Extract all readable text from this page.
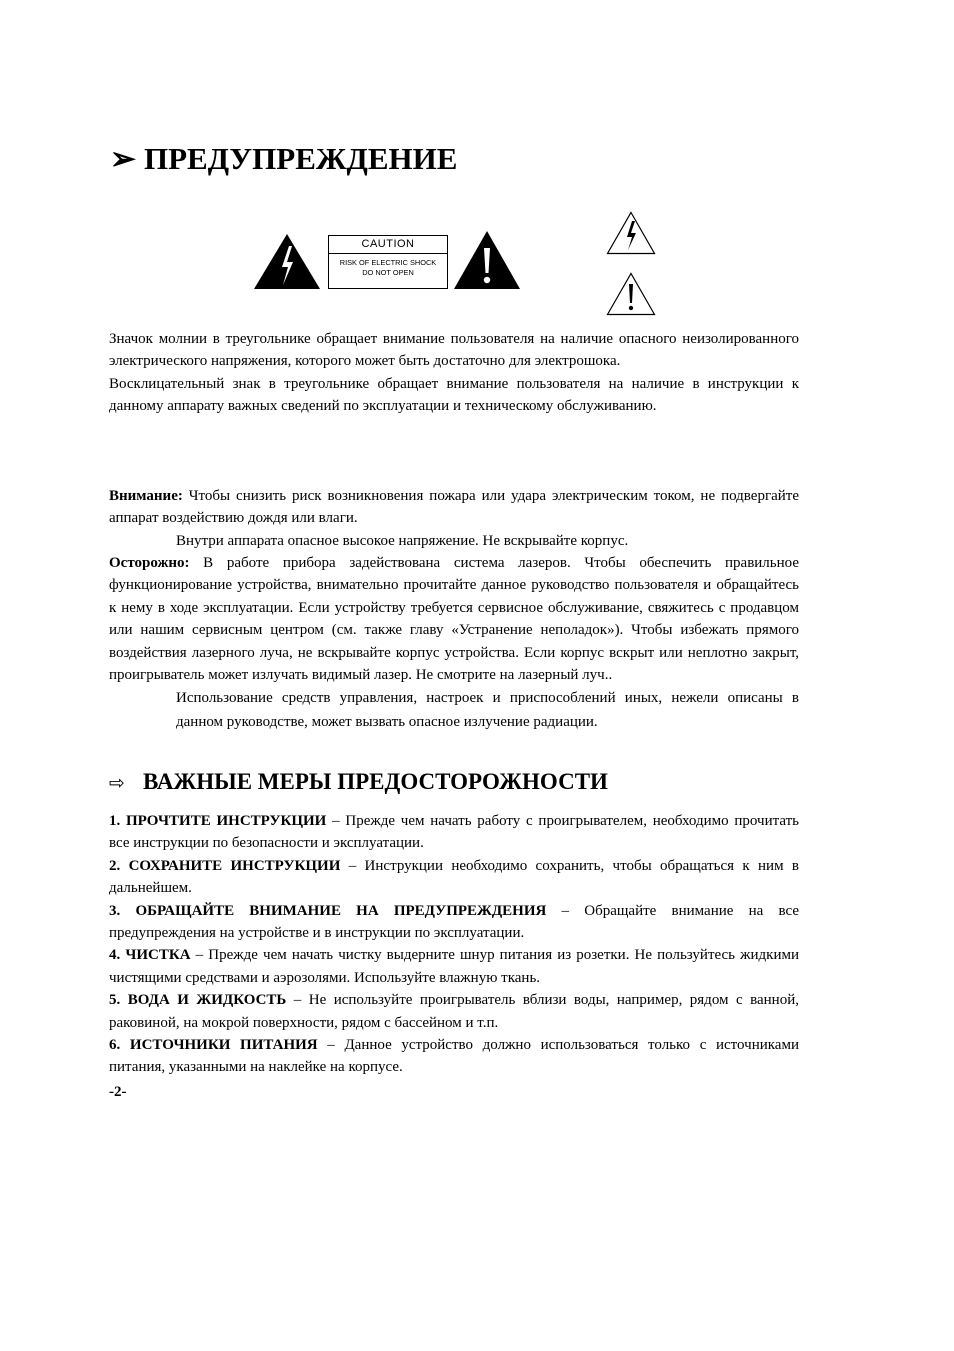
➢ ПРЕДУПРЕЖДЕНИЕ
CAUTION
RISK OF ELECTRIC SHOCK
DO NOT OPEN

Значок молнии в треугольнике обращает внимание пользователя на наличие опасного неизолированного электрического напряжения, которого может быть достаточно для электрошока.

Восклицательный знак в треугольнике обращает внимание пользователя на наличие в инструкции к данному аппарату важных сведений по эксплуатации и техническому обслуживанию.

Внимание: Чтобы снизить риск возникновения пожара или удара электрическим током, не подвергайте аппарат воздействию дождя или влаги.

Внутри аппарата опасное высокое напряжение. Не вскрывайте корпус.

Осторожно: В работе прибора задействована система лазеров. Чтобы обеспечить правильное функционирование устройства, внимательно прочитайте данное руководство пользователя и обращайтесь к нему в ходе эксплуатации. Если устройству требуется сервисное обслуживание, свяжитесь с продавцом или нашим сервисным центром (см. также главу «Устранение неполадок»). Чтобы избежать прямого воздействия лазерного луча, не вскрывайте корпус устройства. Если корпус вскрыт или неплотно закрыт, проигрыватель может излучать видимый лазер. Не смотрите на лазерный луч..

Использование средств управления, настроек и приспособлений иных, нежели описаны в данном руководстве, может вызвать опасное излучение радиации.

⇨ ВАЖНЫЕ МЕРЫ ПРЕДОСТОРОЖНОСТИ

1. ПРОЧТИТЕ ИНСТРУКЦИИ – Прежде чем начать работу с проигрывателем, необходимо прочитать все инструкции по безопасности и эксплуатации.

2. СОХРАНИТЕ ИНСТРУКЦИИ – Инструкции необходимо сохранить, чтобы обращаться к ним в дальнейшем.

3. ОБРАЩАЙТЕ ВНИМАНИЕ НА ПРЕДУПРЕЖДЕНИЯ – Обращайте внимание на все предупреждения на устройстве и в инструкции по эксплуатации.

4. ЧИСТКА – Прежде чем начать чистку выдерните шнур питания из розетки. Не пользуйтесь жидкими чистящими средствами и аэрозолями. Используйте влажную ткань.

5. ВОДА И ЖИДКОСТЬ – Не используйте проигрыватель вблизи воды, например, рядом с ванной, раковиной, на мокрой поверхности, рядом с бассейном и т.п.

6. ИСТОЧНИКИ ПИТАНИЯ – Данное устройство должно использоваться только с источниками питания, указанными на наклейке на корпусе.

-2-
